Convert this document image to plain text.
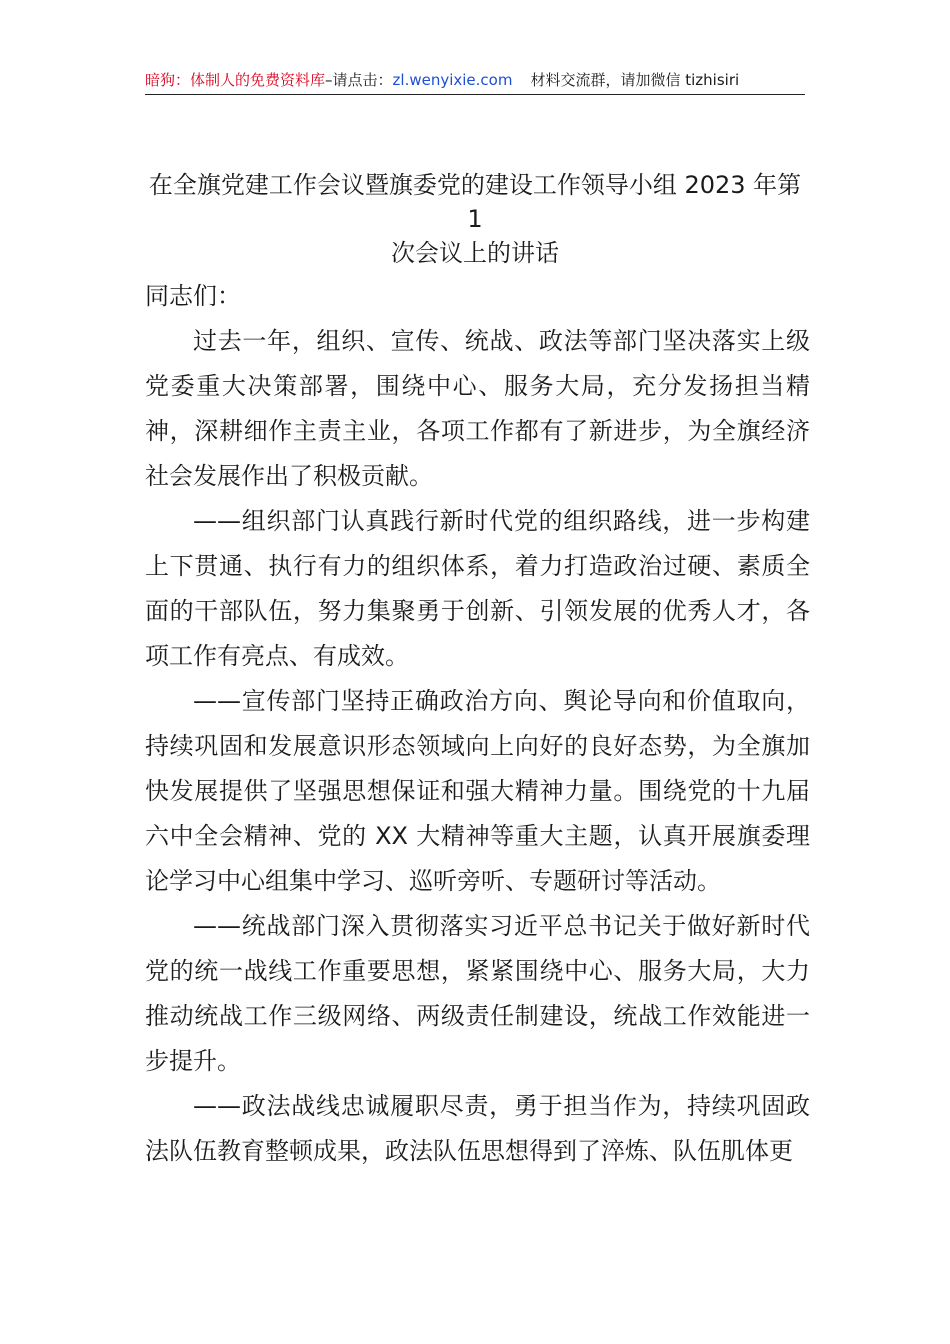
暗狗：体制人的免费资料库–请点击：zl.wenyixie.com 材料交流群，请加微信 tizhisiri
在全旗党建工作会议暨旗委党的建设工作领导小组 2023 年第 1
次会议上的讲话

同志们：

过去一年，组织、宣传、统战、政法等部门坚决落实上级党委重大决策部署，围绕中心、服务大局，充分发扬担当精神，深耕细作主责主业，各项工作都有了新进步，为全旗经济社会发展作出了积极贡献。

——组织部门认真践行新时代党的组织路线，进一步构建上下贯通、执行有力的组织体系，着力打造政治过硬、素质全面的干部队伍，努力集聚勇于创新、引领发展的优秀人才，各项工作有亮点、有成效。

——宣传部门坚持正确政治方向、舆论导向和价值取向，持续巩固和发展意识形态领域向上向好的良好态势，为全旗加快发展提供了坚强思想保证和强大精神力量。围绕党的十九届六中全会精神、党的 XX 大精神等重大主题，认真开展旗委理论学习中心组集中学习、巡听旁听、专题研讨等活动。

——统战部门深入贯彻落实习近平总书记关于做好新时代党的统一战线工作重要思想，紧紧围绕中心、服务大局，大力推动统战工作三级网络、两级责任制建设，统战工作效能进一步提升。

——政法战线忠诚履职尽责，勇于担当作为，持续巩固政法队伍教育整顿成果，政法队伍思想得到了淬炼、队伍肌体更
